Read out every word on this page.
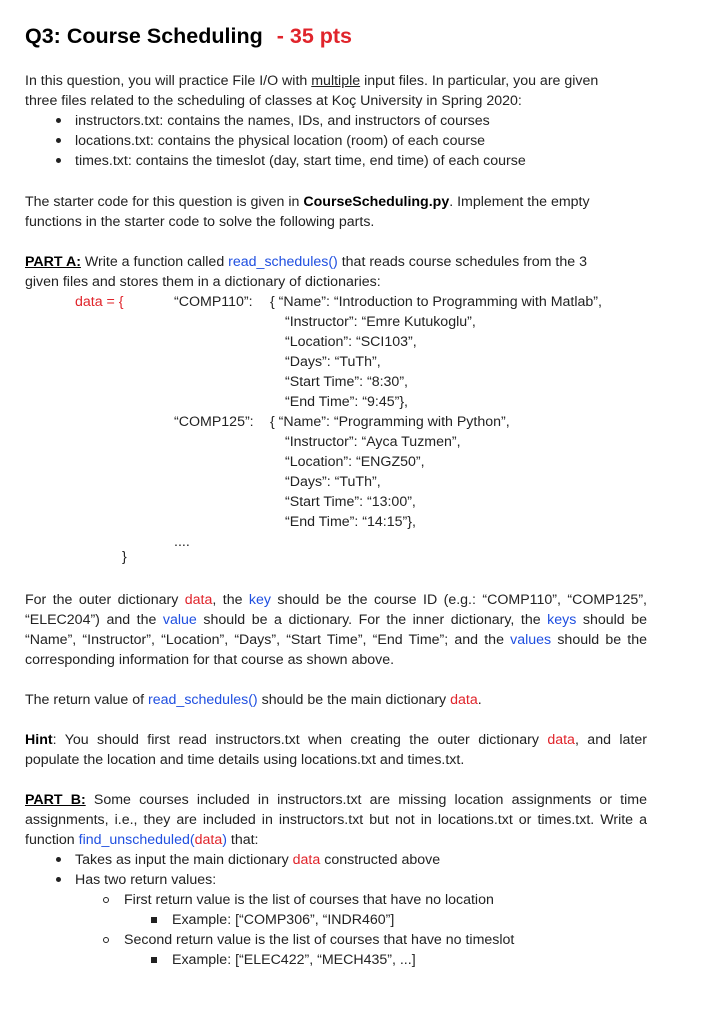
Q3: Course Scheduling - 35 pts
In this question, you will practice File I/O with multiple input files. In particular, you are given
three files related to the scheduling of classes at Koç University in Spring 2020:
instructors.txt: contains the names, IDs, and instructors of courses
locations.txt: contains the physical location (room) of each course
times.txt: contains the timeslot (day, start time, end time) of each course
The starter code for this question is given in CourseScheduling.py. Implement the empty
functions in the starter code to solve the following parts.
PART A: Write a function called read_schedules() that reads course schedules from the 3
given files and stores them in a dictionary of dictionaries:
data = {	“COMP110”: { “Name”: “Introduction to Programming with Matlab”,
“Instructor”: “Emre Kutukoglu”,
“Location”: “SCI103”,
“Days”: “TuTh”,
“Start Time”: “8:30”,
“End Time”: “9:45”},
“COMP125”: { “Name”: “Programming with Python”,
“Instructor”: “Ayca Tuzmen”,
“Location”: “ENGZ50”,
“Days”: “TuTh”,
“Start Time”: “13:00”,
“End Time”: “14:15”},
....
}

For the outer dictionary data, the key should be the course ID (e.g.: “COMP110”, “COMP125”, “ELEC204”) and the value should be a dictionary. For the inner dictionary, the keys should be “Name”, “Instructor”, “Location”, “Days”, “Start Time”, “End Time”; and the values should be the corresponding information for that course as shown above.

The return value of read_schedules() should be the main dictionary data.

Hint: You should first read instructors.txt when creating the outer dictionary data, and later populate the location and time details using locations.txt and times.txt.

PART B: Some courses included in instructors.txt are missing location assignments or time assignments, i.e., they are included in instructors.txt but not in locations.txt or times.txt. Write a function find_unscheduled(data) that:

Takes as input the main dictionary data constructed above
Has two return values:
First return value is the list of courses that have no location
Example: [“COMP306”, “INDR460”]
Second return value is the list of courses that have no timeslot
Example: [“ELEC422”, “MECH435”, ...]
